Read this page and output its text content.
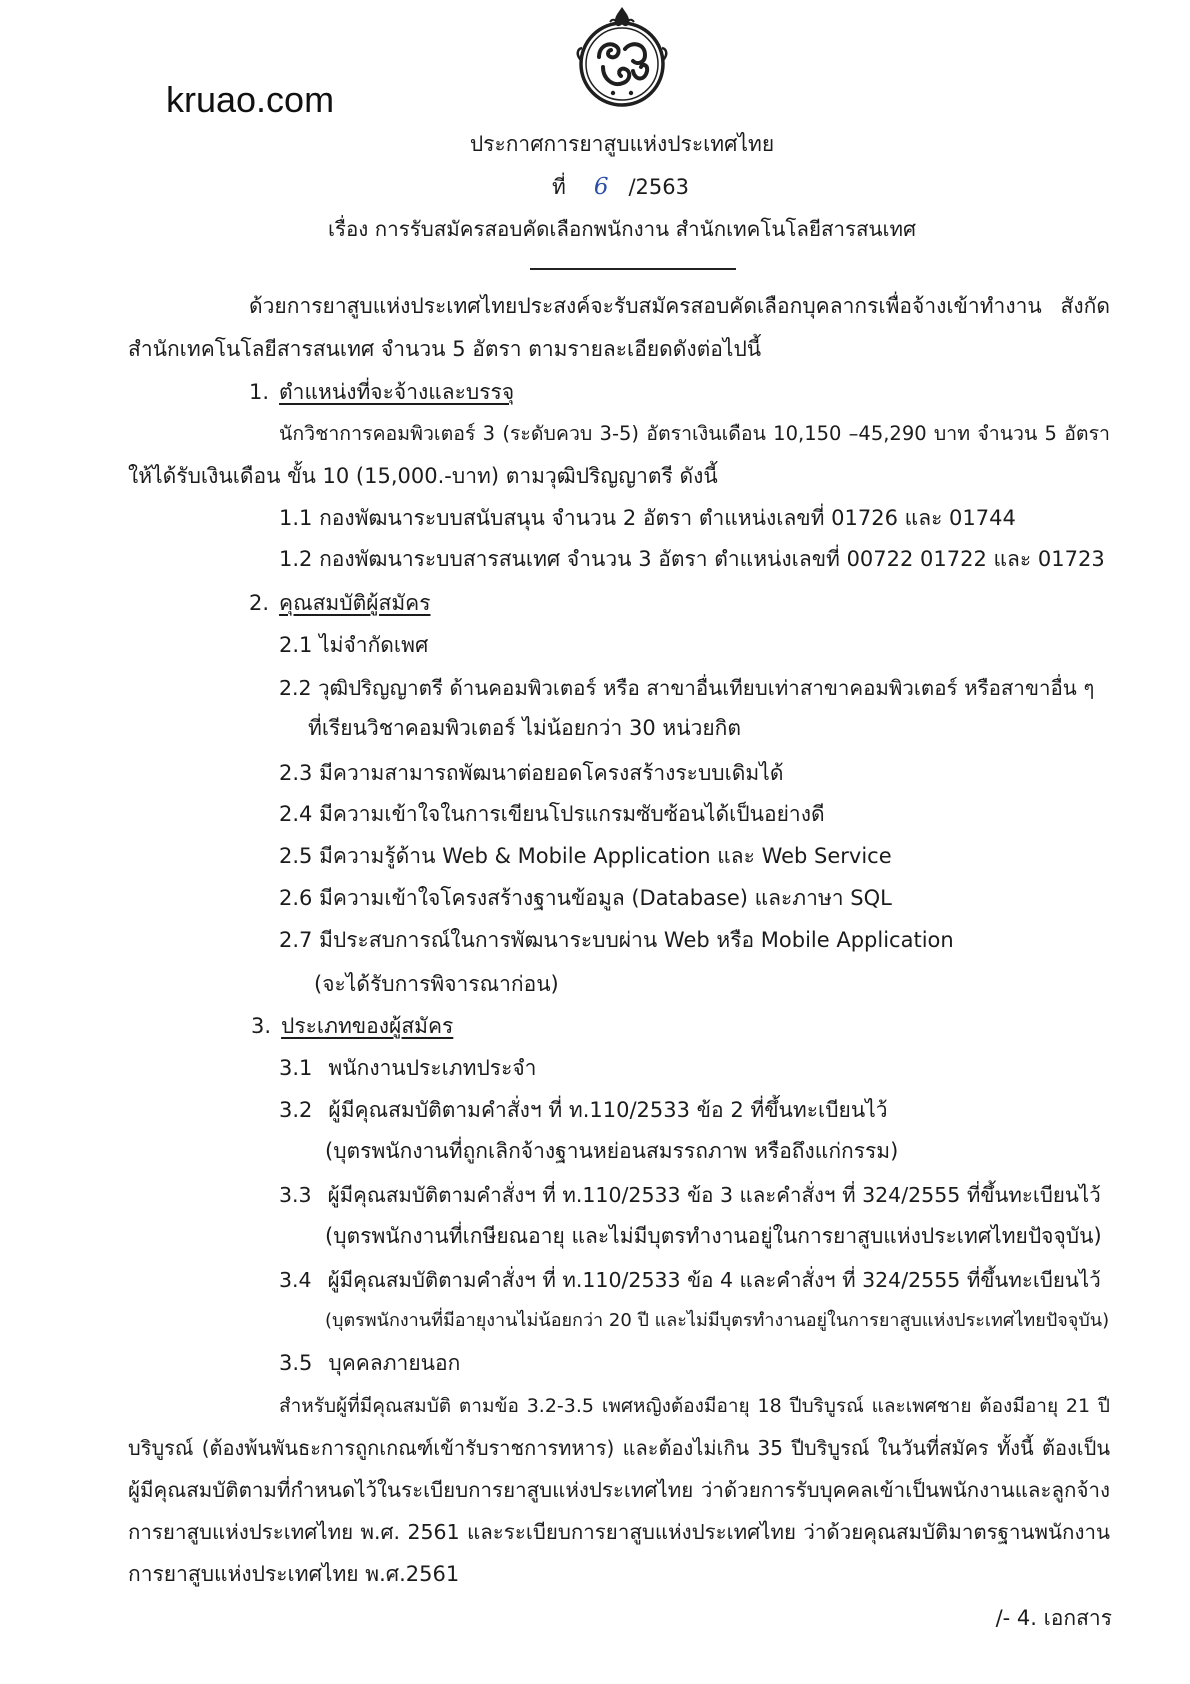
kruao.com
ประกาศการยาสูบแห่งประเทศไทย
ที่ 6 /2563
เรื่อง การรับสมัครสอบคัดเลือกพนักงาน สำนักเทคโนโลยีสารสนเทศ
ด้วยการยาสูบแห่งประเทศไทยประสงค์จะรับสมัครสอบคัดเลือกบุคลากรเพื่อจ้างเข้าทำงาน สังกัด
สำนักเทคโนโลยีสารสนเทศ จำนวน 5 อัตรา ตามรายละเอียดดังต่อไปนี้
1. ตำแหน่งที่จะจ้างและบรรจุ
นักวิชาการคอมพิวเตอร์ 3 (ระดับควบ 3-5) อัตราเงินเดือน 10,150 –45,290 บาท จำนวน 5 อัตรา
ให้ได้รับเงินเดือน ขั้น 10 (15,000.-บาท) ตามวุฒิปริญญาตรี ดังนี้
1.1 กองพัฒนาระบบสนับสนุน จำนวน 2 อัตรา ตำแหน่งเลขที่ 01726 และ 01744
1.2 กองพัฒนาระบบสารสนเทศ จำนวน 3 อัตรา ตำแหน่งเลขที่ 00722 01722 และ 01723
2. คุณสมบัติผู้สมัคร
2.1 ไม่จำกัดเพศ
2.2 วุฒิปริญญาตรี ด้านคอมพิวเตอร์ หรือ สาขาอื่นเทียบเท่าสาขาคอมพิวเตอร์ หรือสาขาอื่น ๆ
ที่เรียนวิชาคอมพิวเตอร์ ไม่น้อยกว่า 30 หน่วยกิต
2.3 มีความสามารถพัฒนาต่อยอดโครงสร้างระบบเดิมได้
2.4 มีความเข้าใจในการเขียนโปรแกรมซับซ้อนได้เป็นอย่างดี
2.5 มีความรู้ด้าน Web & Mobile Application และ Web Service
2.6 มีความเข้าใจโครงสร้างฐานข้อมูล (Database) และภาษา SQL
2.7 มีประสบการณ์ในการพัฒนาระบบผ่าน Web หรือ Mobile Application
(จะได้รับการพิจารณาก่อน)
3. ประเภทของผู้สมัคร
3.1 พนักงานประเภทประจำ
3.2 ผู้มีคุณสมบัติตามคำสั่งฯ ที่ ท.110/2533 ข้อ 2 ที่ขึ้นทะเบียนไว้
(บุตรพนักงานที่ถูกเลิกจ้างฐานหย่อนสมรรถภาพ หรือถึงแก่กรรม)
3.3 ผู้มีคุณสมบัติตามคำสั่งฯ ที่ ท.110/2533 ข้อ 3 และคำสั่งฯ ที่ 324/2555 ที่ขึ้นทะเบียนไว้
(บุตรพนักงานที่เกษียณอายุ และไม่มีบุตรทำงานอยู่ในการยาสูบแห่งประเทศไทยปัจจุบัน)
3.4 ผู้มีคุณสมบัติตามคำสั่งฯ ที่ ท.110/2533 ข้อ 4 และคำสั่งฯ ที่ 324/2555 ที่ขึ้นทะเบียนไว้
(บุตรพนักงานที่มีอายุงานไม่น้อยกว่า 20 ปี และไม่มีบุตรทำงานอยู่ในการยาสูบแห่งประเทศไทยปัจจุบัน)
3.5 บุคคลภายนอก
สำหรับผู้ที่มีคุณสมบัติ ตามข้อ 3.2-3.5 เพศหญิงต้องมีอายุ 18 ปีบริบูรณ์ และเพศชาย ต้องมีอายุ 21 ปี
บริบูรณ์ (ต้องพ้นพันธะการถูกเกณฑ์เข้ารับราชการทหาร) และต้องไม่เกิน 35 ปีบริบูรณ์ ในวันที่สมัคร ทั้งนี้ ต้องเป็น
ผู้มีคุณสมบัติตามที่กำหนดไว้ในระเบียบการยาสูบแห่งประเทศไทย ว่าด้วยการรับบุคคลเข้าเป็นพนักงานและลูกจ้าง
การยาสูบแห่งประเทศไทย พ.ศ. 2561 และระเบียบการยาสูบแห่งประเทศไทย ว่าด้วยคุณสมบัติมาตรฐานพนักงาน
การยาสูบแห่งประเทศไทย พ.ศ.2561
/- 4. เอกสาร
